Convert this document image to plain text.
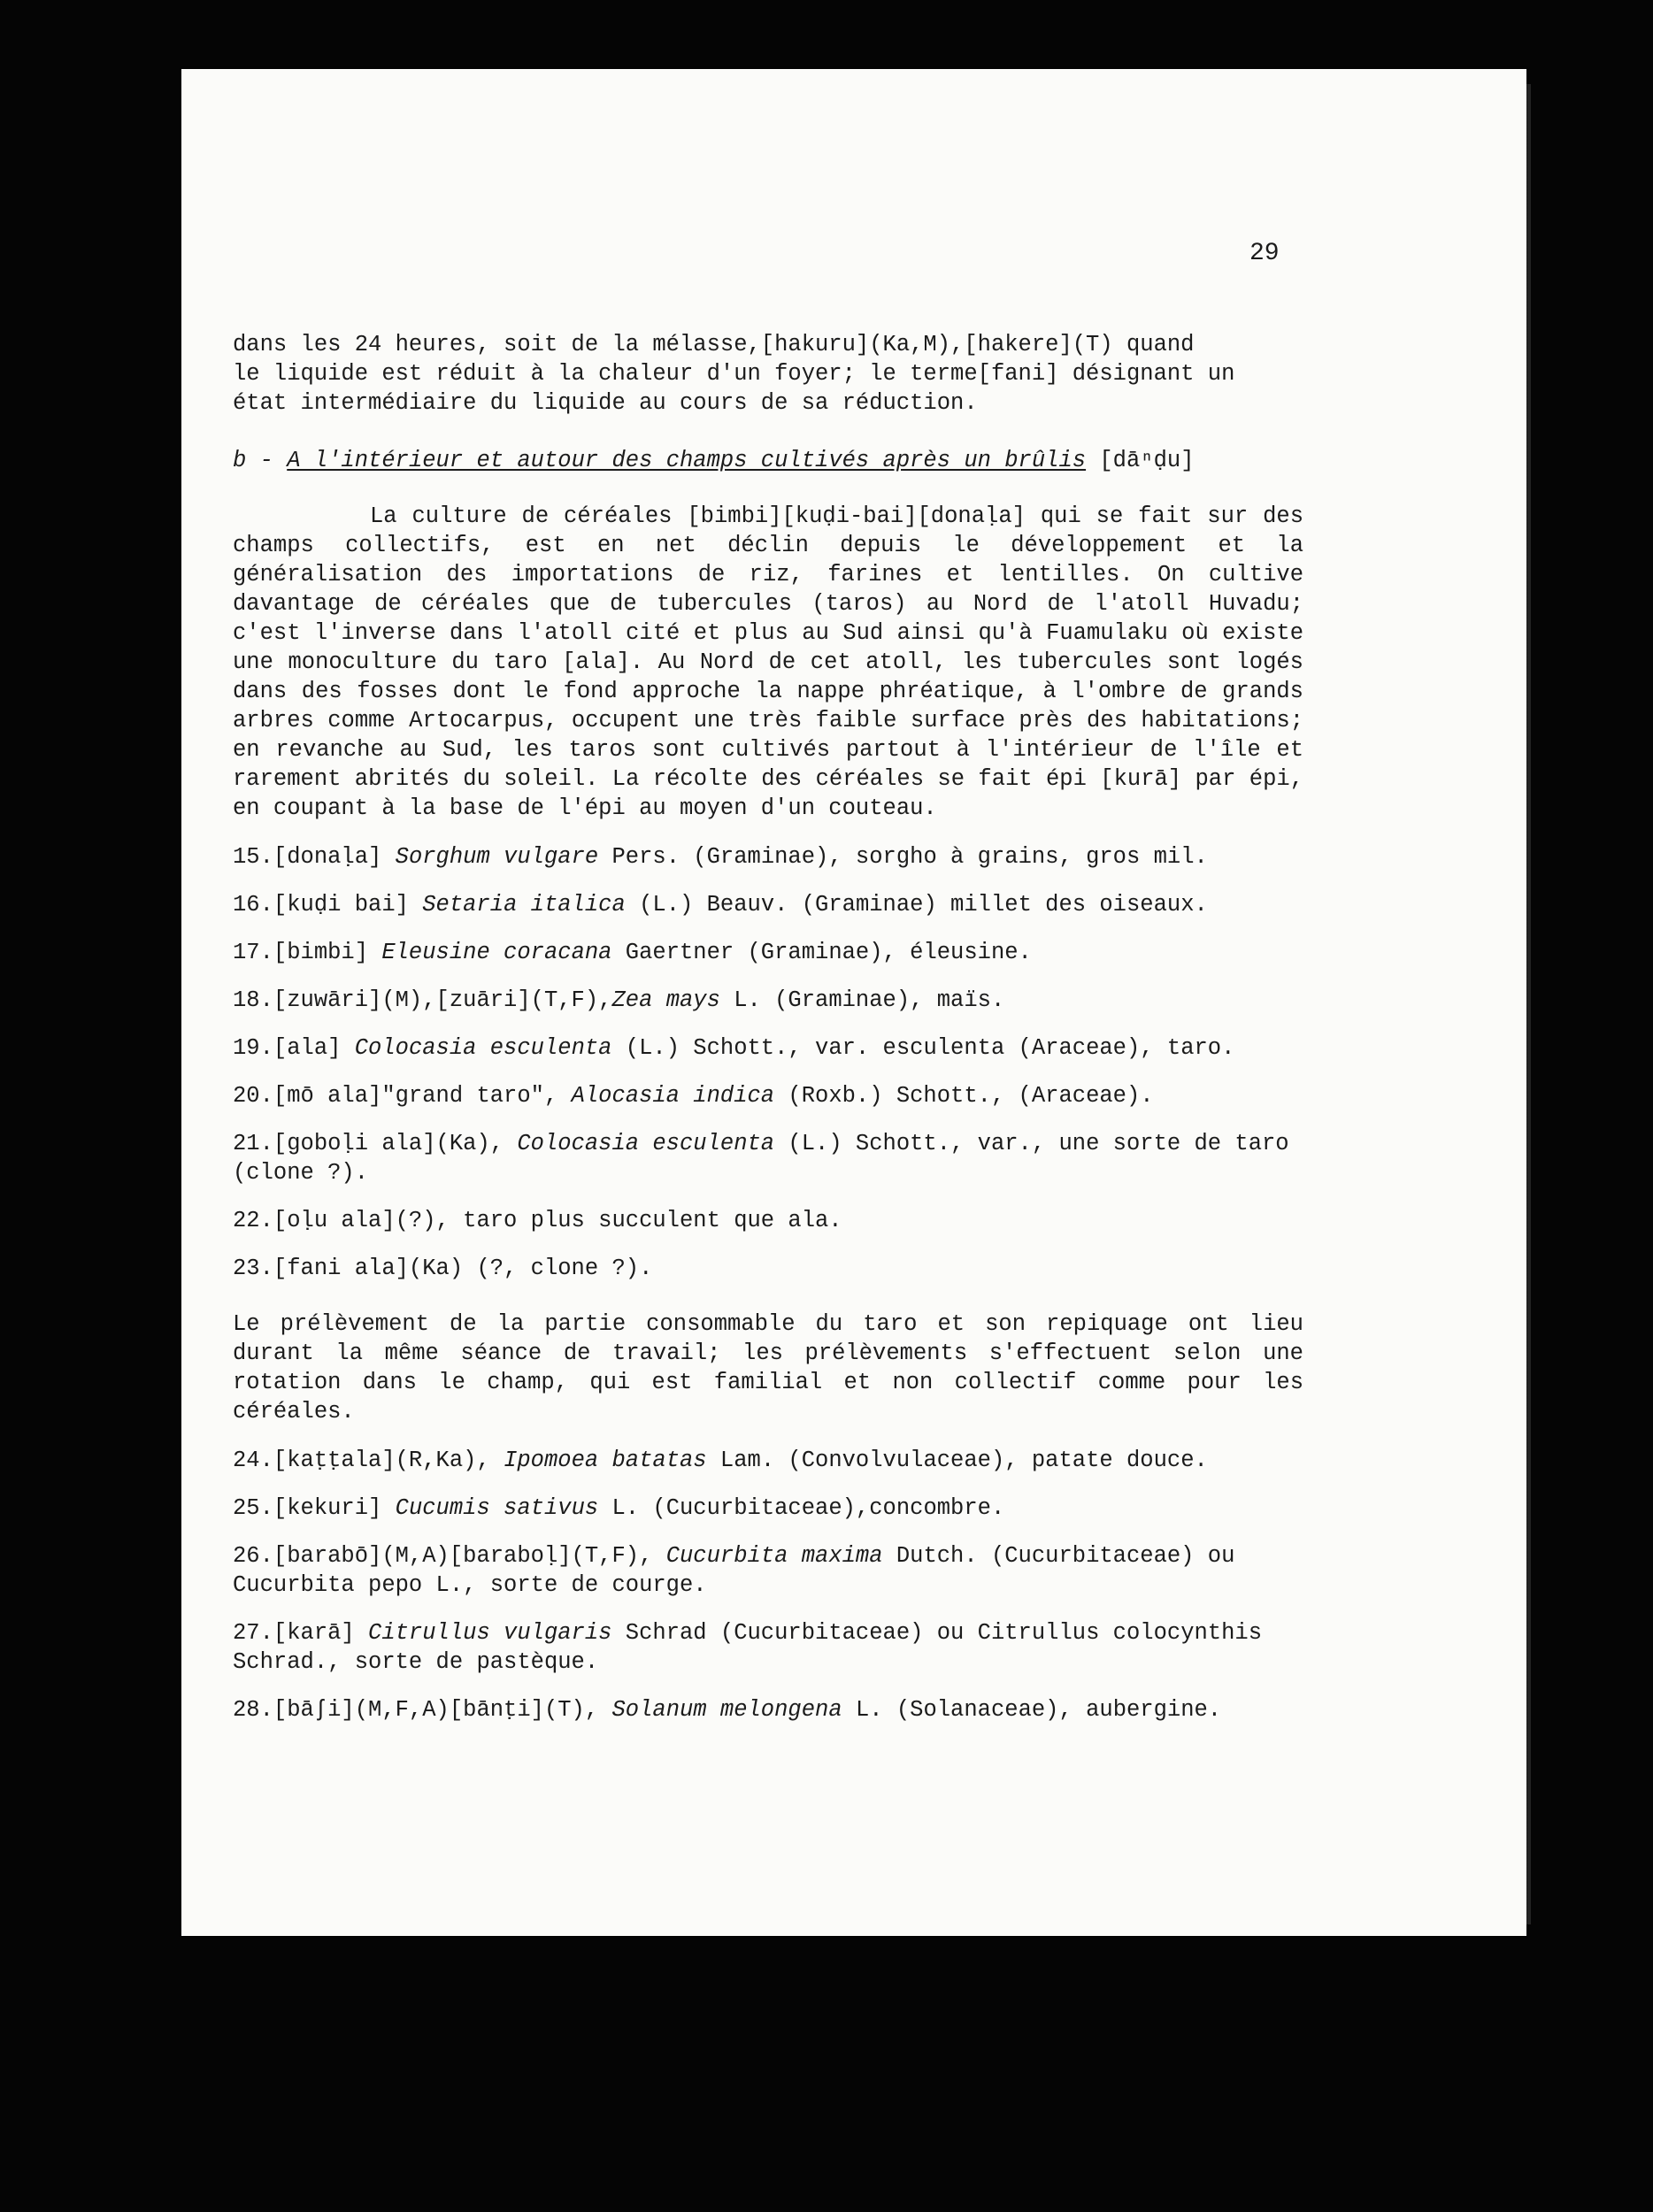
29
dans les 24 heures, soit de la mélasse,[hakuru](Ka,M),[hakere](T) quand
le liquide est réduit à la chaleur d'un foyer; le terme[fani] désignant un
état intermédiaire du liquide au cours de sa réduction.

b - A l'intérieur et autour des champs cultivés après un brûlis [dāⁿḍu]

La culture de céréales [bimbi][kuḍi-bai][donaḷa] qui se fait sur des champs collectifs, est en net déclin depuis le développement et la généralisation des importations de riz, farines et lentilles. On cultive davantage de céréales que de tubercules (taros) au Nord de l'atoll Huvadu; c'est l'inverse dans l'atoll cité et plus au Sud ainsi qu'à Fuamulaku où existe une monoculture du taro [ala]. Au Nord de cet atoll, les tubercules sont logés dans des fosses dont le fond approche la nappe phréatique, à l'ombre de grands arbres comme Artocarpus, occupent une très faible surface près des habitations; en revanche au Sud, les taros sont cultivés partout à l'intérieur de l'île et rarement abrités du soleil. La récolte des céréales se fait épi [kurā] par épi, en coupant à la base de l'épi au moyen d'un couteau.

15.[donaḷa] Sorghum vulgare Pers. (Graminae), sorgho à grains, gros mil.

16.[kuḍi bai] Setaria italica (L.) Beauv. (Graminae) millet des oiseaux.

17.[bimbi] Eleusine coracana Gaertner (Graminae), éleusine.

18.[zuwāri](M),[zuāri](T,F),Zea mays L. (Graminae), maïs.

19.[ala] Colocasia esculenta (L.) Schott., var. esculenta (Araceae), taro.

20.[mō ala]"grand taro", Alocasia indica (Roxb.) Schott., (Araceae).

21.[goboḷi ala](Ka), Colocasia esculenta (L.) Schott., var., une sorte de taro (clone ?).

22.[oḷu ala](?), taro plus succulent que ala.

23.[fani ala](Ka) (?, clone ?).

Le prélèvement de la partie consommable du taro et son repiquage ont lieu durant la même séance de travail; les prélèvements s'effectuent selon une rotation dans le champ, qui est familial et non collectif comme pour les céréales.

24.[kaṭṭala](R,Ka), Ipomoea batatas Lam. (Convolvulaceae), patate douce.

25.[kekuri] Cucumis sativus L. (Cucurbitaceae),concombre.

26.[barabō](M,A)[baraboḷ](T,F), Cucurbita maxima Dutch. (Cucurbitaceae) ou Cucurbita pepo L., sorte de courge.

27.[karā] Citrullus vulgaris Schrad (Cucurbitaceae) ou Citrullus colocynthis Schrad., sorte de pastèque.

28.[bāʃi](M,F,A)[bānṭi](T), Solanum melongena L. (Solanaceae), aubergine.
